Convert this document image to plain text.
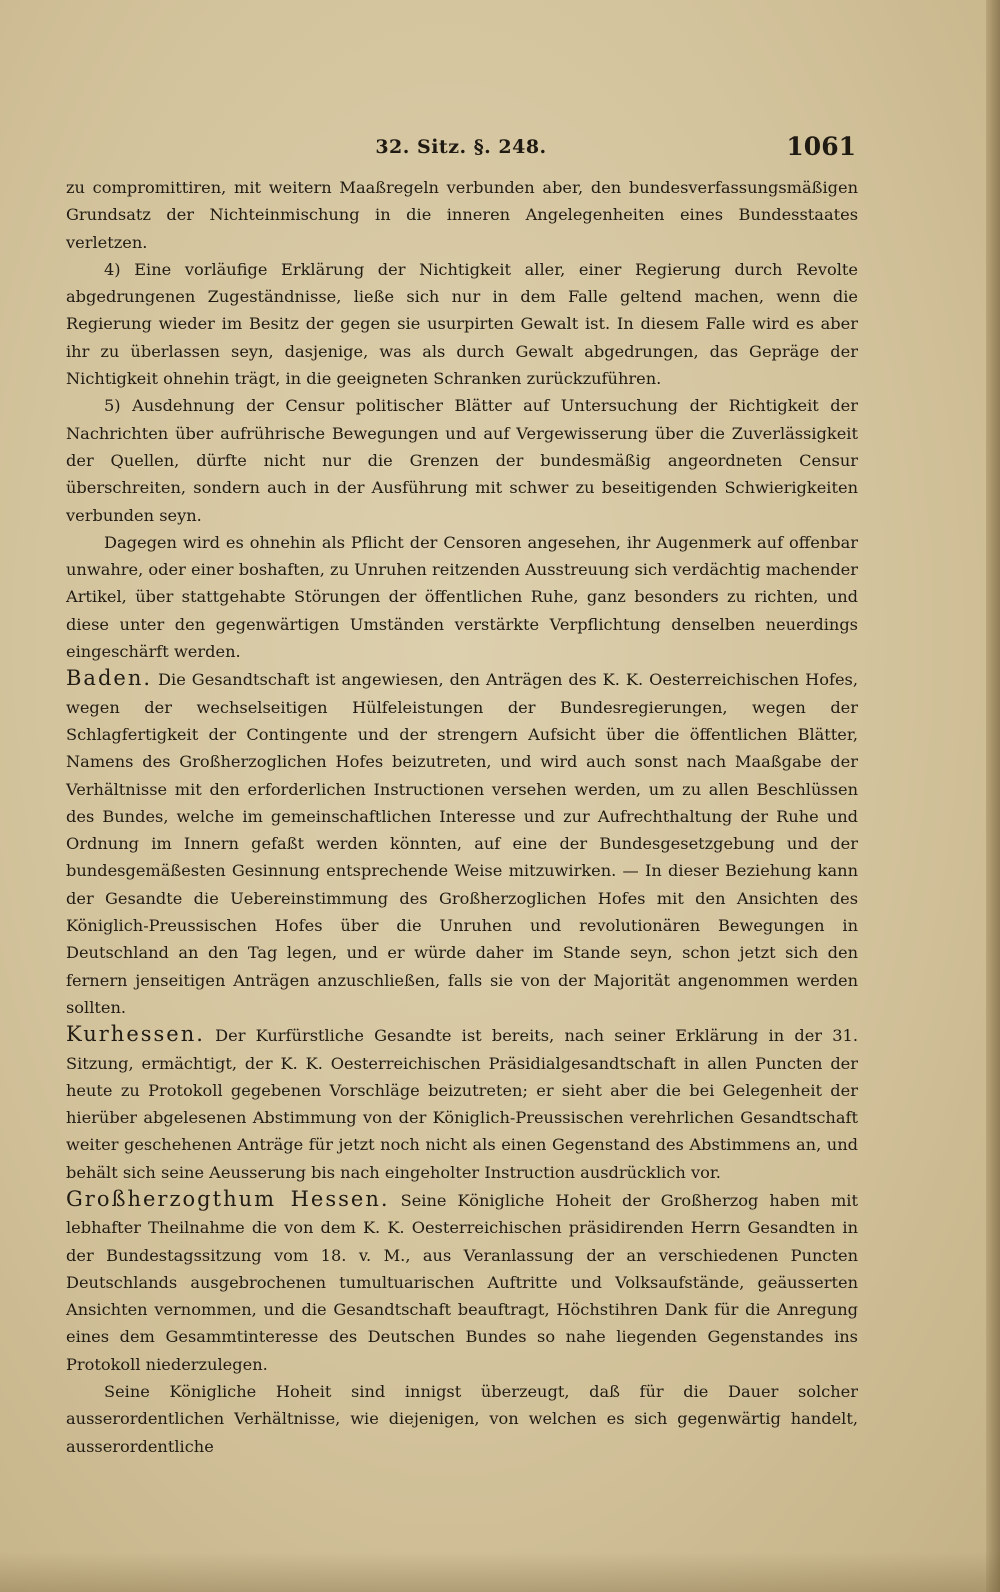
32. Sitz. §. 248.	1061

zu compromittiren, mit weitern Maaßregeln verbunden aber, den bundesverfassungsmäßigen Grundsatz der Nichteinmischung in die inneren Angelegenheiten eines Bundesstaates verletzen.

4) Eine vorläufige Erklärung der Nichtigkeit aller, einer Regierung durch Revolte abgedrungenen Zugeständnisse, ließe sich nur in dem Falle geltend machen, wenn die Regierung wieder im Besitz der gegen sie usurpirten Gewalt ist. In diesem Falle wird es aber ihr zu überlassen seyn, dasjenige, was als durch Gewalt abgedrungen, das Gepräge der Nichtigkeit ohnehin trägt, in die geeigneten Schranken zurückzuführen.

5) Ausdehnung der Censur politischer Blätter auf Untersuchung der Richtigkeit der Nachrichten über aufrührische Bewegungen und auf Vergewisserung über die Zuverlässigkeit der Quellen, dürfte nicht nur die Grenzen der bundesmäßig angeordneten Censur überschreiten, sondern auch in der Ausführung mit schwer zu beseitigenden Schwierigkeiten verbunden seyn.

Dagegen wird es ohnehin als Pflicht der Censoren angesehen, ihr Augenmerk auf offenbar unwahre, oder einer boshaften, zu Unruhen reitzenden Ausstreuung sich verdächtig machender Artikel, über stattgehabte Störungen der öffentlichen Ruhe, ganz besonders zu richten, und diese unter den gegenwärtigen Umständen verstärkte Verpflichtung denselben neuerdings eingeschärft werden.

Baden. Die Gesandtschaft ist angewiesen, den Anträgen des K. K. Oesterreichischen Hofes, wegen der wechselseitigen Hülfeleistungen der Bundesregierungen, wegen der Schlagfertigkeit der Contingente und der strengern Aufsicht über die öffentlichen Blätter, Namens des Großherzoglichen Hofes beizutreten, und wird auch sonst nach Maaßgabe der Verhältnisse mit den erforderlichen Instructionen versehen werden, um zu allen Beschlüssen des Bundes, welche im gemeinschaftlichen Interesse und zur Aufrechthaltung der Ruhe und Ordnung im Innern gefaßt werden könnten, auf eine der Bundesgesetzgebung und der bundesgemäßesten Gesinnung entsprechende Weise mitzuwirken. — In dieser Beziehung kann der Gesandte die Uebereinstimmung des Großherzoglichen Hofes mit den Ansichten des Königlich-Preussischen Hofes über die Unruhen und revolutionären Bewegungen in Deutschland an den Tag legen, und er würde daher im Stande seyn, schon jetzt sich den fernern jenseitigen Anträgen anzuschließen, falls sie von der Majorität angenommen werden sollten.

Kurhessen. Der Kurfürstliche Gesandte ist bereits, nach seiner Erklärung in der 31. Sitzung, ermächtigt, der K. K. Oesterreichischen Präsidialgesandtschaft in allen Puncten der heute zu Protokoll gegebenen Vorschläge beizutreten; er sieht aber die bei Gelegenheit der hierüber abgelesenen Abstimmung von der Königlich-Preussischen verehrlichen Gesandtschaft weiter geschehenen Anträge für jetzt noch nicht als einen Gegenstand des Abstimmens an, und behält sich seine Aeusserung bis nach eingeholter Instruction ausdrücklich vor.

Großherzogthum Hessen. Seine Königliche Hoheit der Großherzog haben mit lebhafter Theilnahme die von dem K. K. Oesterreichischen präsidirenden Herrn Gesandten in der Bundestagssitzung vom 18. v. M., aus Veranlassung der an verschiedenen Puncten Deutschlands ausgebrochenen tumultuarischen Auftritte und Volksaufstände, geäusserten Ansichten vernommen, und die Gesandtschaft beauftragt, Höchstihren Dank für die Anregung eines dem Gesammtinteresse des Deutschen Bundes so nahe liegenden Gegenstandes ins Protokoll niederzulegen.

Seine Königliche Hoheit sind innigst überzeugt, daß für die Dauer solcher ausserordentlichen Verhältnisse, wie diejenigen, von welchen es sich gegenwärtig handelt, ausserordentliche
